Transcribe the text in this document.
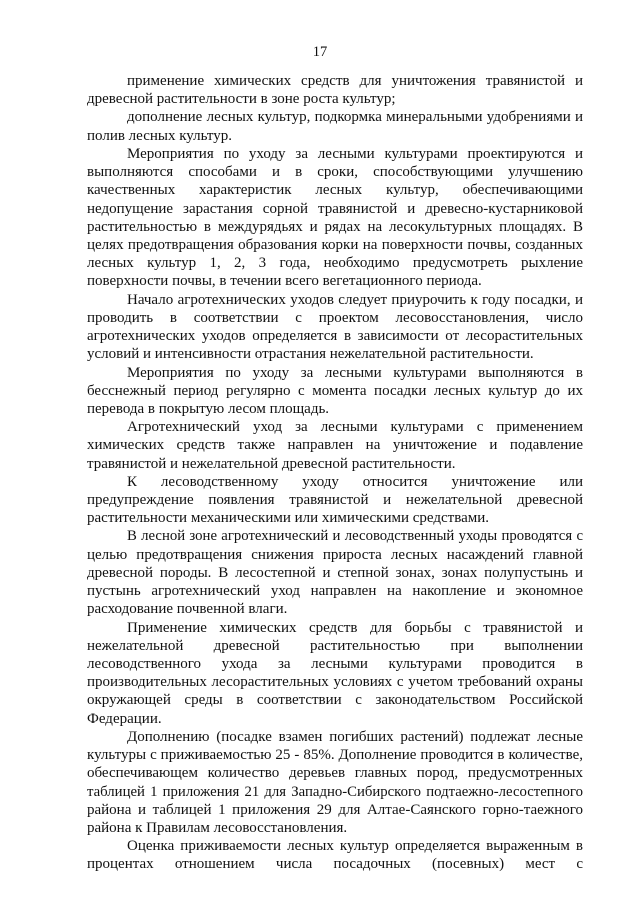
17
применение химических средств для уничтожения травянистой и
древесной растительности в зоне роста культур;
дополнение лесных культур, подкормка минеральными удобрениями и
полив лесных культур.
Мероприятия по уходу за лесными культурами проектируются и
выполняются способами и в сроки, способствующими улучшению
качественных характеристик лесных культур, обеспечивающими
недопущение зарастания сорной травянистой и древесно-кустарниковой
растительностью в междурядьях и рядах на лесокультурных площадях. В
целях предотвращения образования корки на поверхности почвы, созданных
лесных культур 1, 2, 3 года, необходимо предусмотреть рыхление
поверхности почвы, в течении всего вегетационного периода.
Начало агротехнических уходов следует приурочить к году посадки, и
проводить в соответствии с проектом лесовосстановления, число
агротехнических уходов определяется в зависимости от лесорастительных
условий и интенсивности отрастания нежелательной растительности.
Мероприятия по уходу за лесными культурами выполняются в
бесснежный период регулярно с момента посадки лесных культур до их
перевода в покрытую лесом площадь.
Агротехнический уход за лесными культурами с применением
химических средств также направлен на уничтожение и подавление
травянистой и нежелательной древесной растительности.
К лесоводственному уходу относится уничтожение или
предупреждение появления травянистой и нежелательной древесной
растительности механическими или химическими средствами.
В лесной зоне агротехнический и лесоводственный уходы проводятся с
целью предотвращения снижения прироста лесных насаждений главной
древесной породы. В лесостепной и степной зонах, зонах полупустынь и
пустынь агротехнический уход направлен на накопление и экономное
расходование почвенной влаги.
Применение химических средств для борьбы с травянистой и
нежелательной древесной растительностью при выполнении
лесоводственного ухода за лесными культурами проводится в
производительных лесорастительных условиях с учетом требований охраны
окружающей среды в соответствии с законодательством Российской
Федерации.
Дополнению (посадке взамен погибших растений) подлежат лесные
культуры с приживаемостью 25 - 85%. Дополнение проводится в количестве,
обеспечивающем количество деревьев главных пород, предусмотренных
таблицей 1 приложения 21 для Западно-Сибирского подтаежно-лесостепного
района и таблицей 1 приложения 29 для Алтае-Саянского горно-таежного
района к Правилам лесовосстановления.
Оценка приживаемости лесных культур определяется выраженным в
процентах отношением числа посадочных (посевных) мест с
